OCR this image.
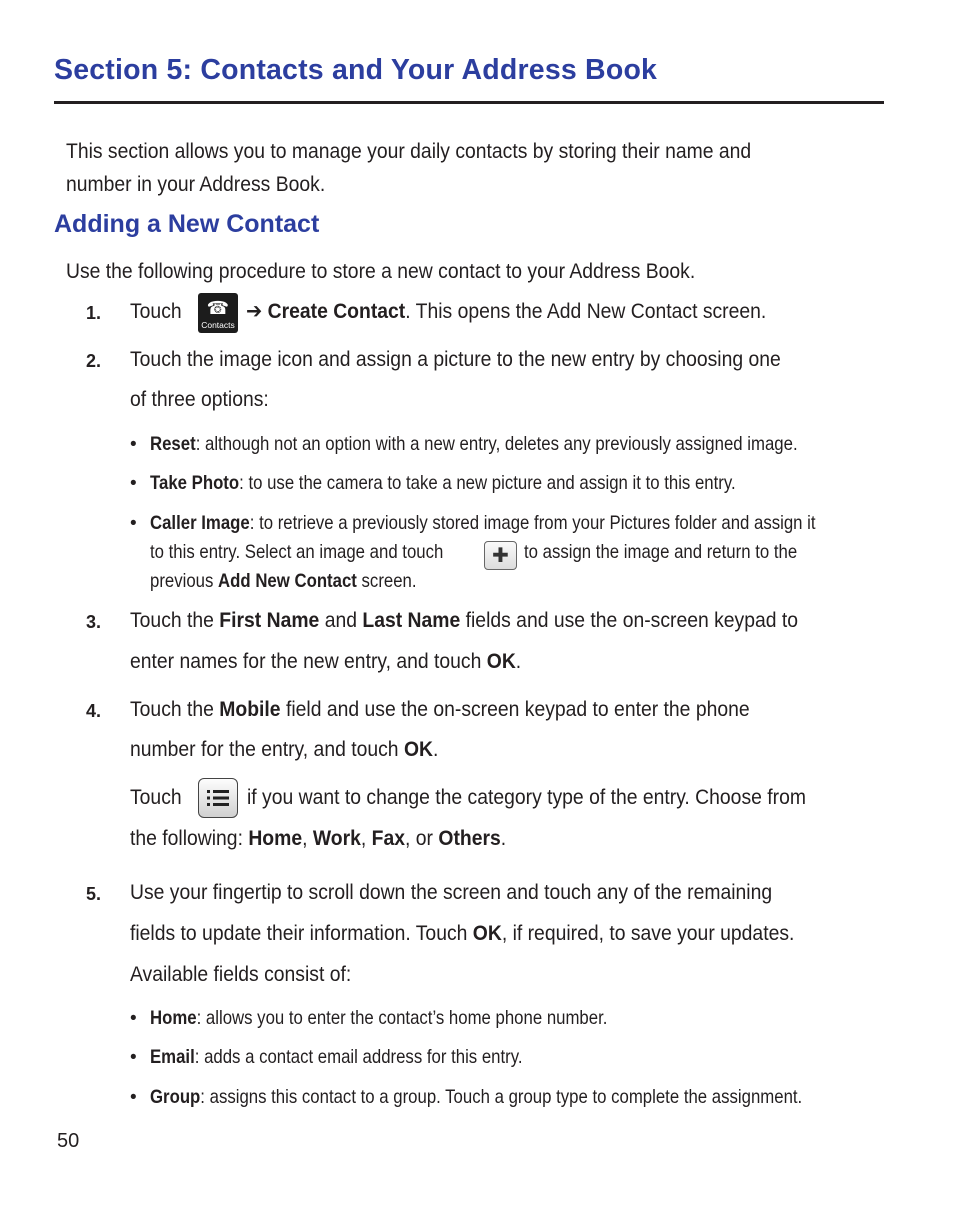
Section 5: Contacts and Your Address Book
This section allows you to manage your daily contacts by storing their name and
number in your Address Book.
Adding a New Contact
Use the following procedure to store a new contact to your Address Book.
1. Touch ☎
Contacts
➔ Create Contact. This opens the Add New Contact screen.
2. Touch the image icon and assign a picture to the new entry by choosing one
of three options:
• Reset: although not an option with a new entry, deletes any previously assigned image.
• Take Photo: to use the camera to take a new picture and assign it to this entry.
• Caller Image: to retrieve a previously stored image from your Pictures folder and assign it
to this entry. Select an image and touch	✚ to assign the image and return to the
previous Add New Contact screen.
3. Touch the First Name and Last Name fields and use the on-screen keypad to
enter names for the new entry, and touch OK.
4. Touch the Mobile field and use the on-screen keypad to enter the phone
number for the entry, and touch OK.
Touch	if you want to change the category type of the entry. Choose from
the following: Home, Work, Fax, or Others.
5. Use your fingertip to scroll down the screen and touch any of the remaining
fields to update their information. Touch OK, if required, to save your updates.
Available fields consist of:
• Home: allows you to enter the contact’s home phone number.
• Email: adds a contact email address for this entry.
• Group: assigns this contact to a group. Touch a group type to complete the assignment.
50
